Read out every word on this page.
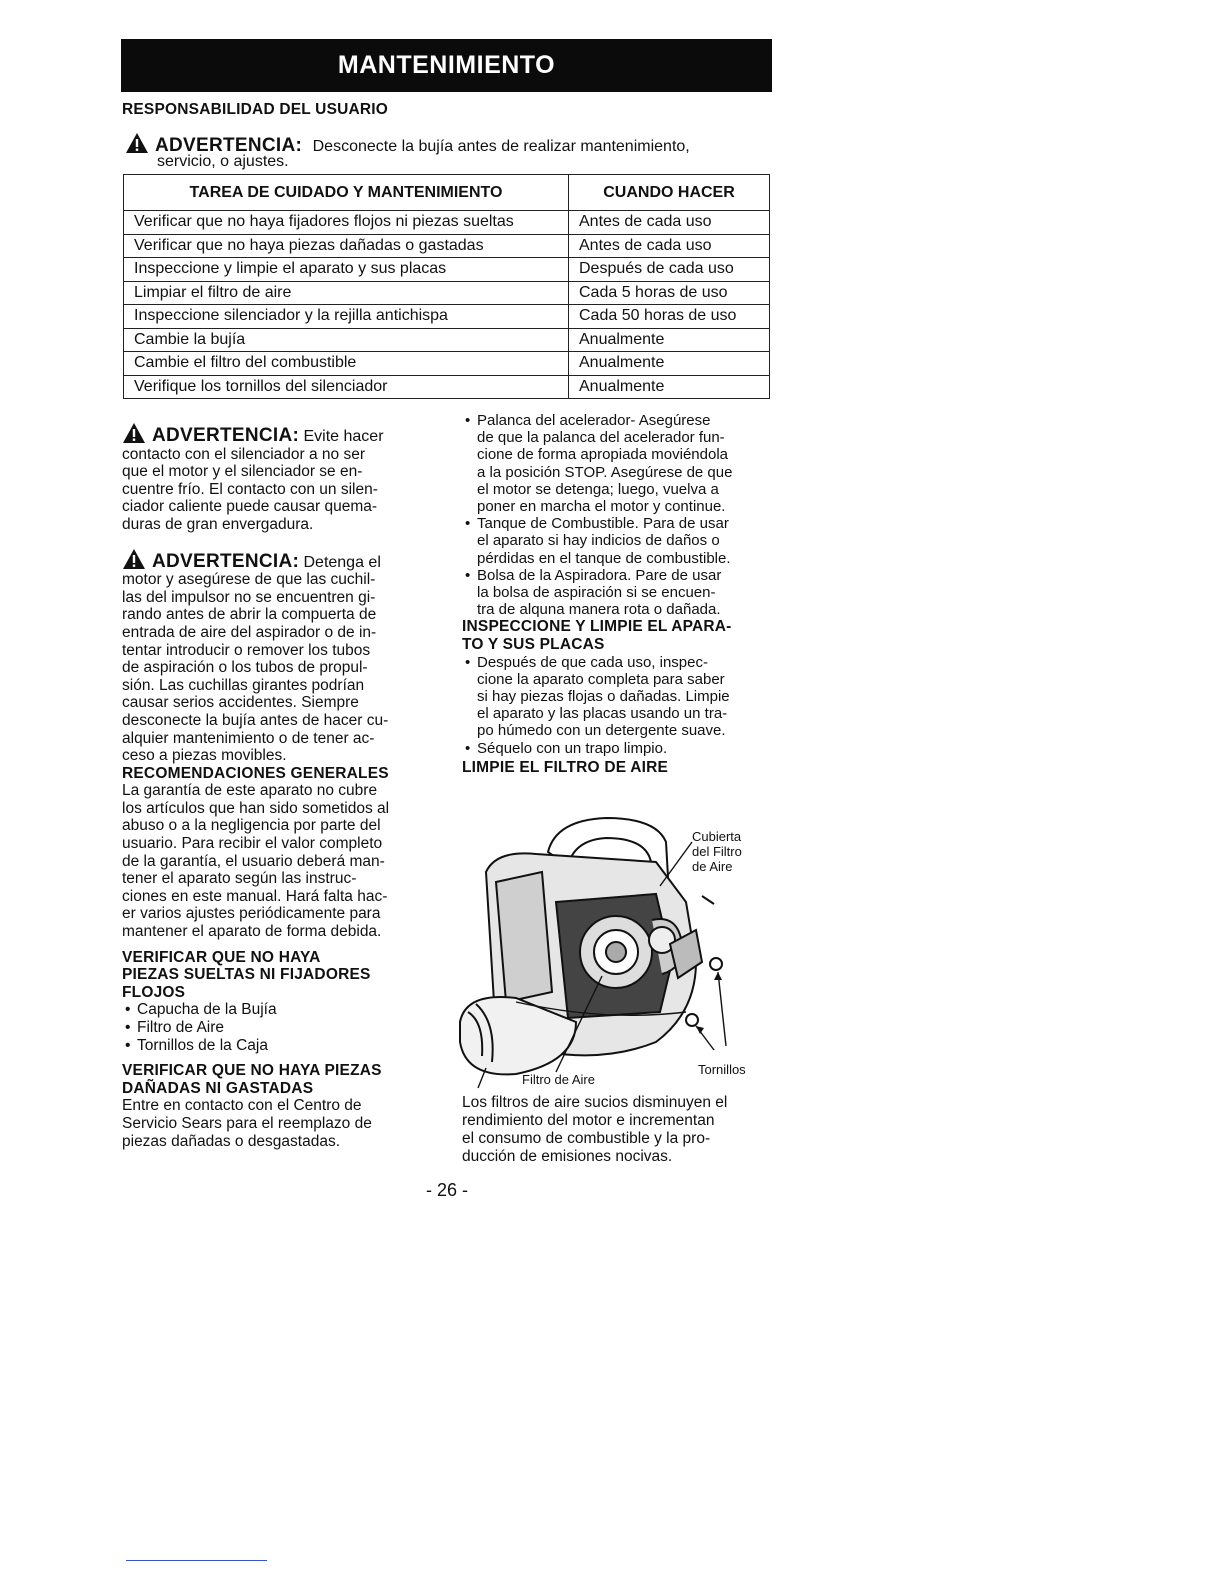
MANTENIMIENTO
RESPONSABILIDAD DEL USUARIO
ADVERTENCIA: Desconecte la bujía antes de realizar mantenimiento,
servicio, o ajustes.
TAREA DE CUIDADO Y MANTENIMIENTO	CUANDO HACER
Verificar que no haya fijadores flojos ni piezas sueltas	Antes de cada uso
Verificar que no haya piezas dañadas o gastadas	Antes de cada uso
Inspeccione y limpie el aparato y sus placas	Después de cada uso
Limpiar el filtro de aire	Cada 5 horas de uso
Inspeccione silenciador y la rejilla antichispa	Cada 50 horas de uso
Cambie la bujía	Anualmente
Cambie el filtro del combustible	Anualmente
Verifique los tornillos del silenciador	Anualmente

ADVERTENCIA: Evite hacer

contacto con el silenciador a no ser

que el motor y el silenciador se en-

cuentre frío. El contacto con un silen-

ciador caliente puede causar quema-

duras de gran envergadura.

ADVERTENCIA: Detenga el

motor y asegúrese de que las cuchil-

las del impulsor no se encuentren gi-

rando antes de abrir la compuerta de

entrada de aire del aspirador o de in-

tentar introducir o remover los tubos

de aspiración o los tubos de propul-

sión. Las cuchillas girantes podrían

causar serios accidentes. Siempre

desconecte la bujía antes de hacer cu-

alquier mantenimiento o de tener ac-

ceso a piezas movibles.

RECOMENDACIONES GENERALES

La garantía de este aparato no cubre

los artículos que han sido sometidos al

abuso o a la negligencia por parte del

usuario. Para recibir el valor completo

de la garantía, el usuario deberá man-

tener el aparato según las instruc-

ciones en este manual. Hará falta hac-

er varios ajustes periódicamente para

mantener el aparato de forma debida.

VERIFICAR QUE NO HAYA

PIEZAS SUELTAS NI FIJADORES

FLOJOS

• Capucha de la Bujía

• Filtro de Aire

• Tornillos de la Caja

VERIFICAR QUE NO HAYA PIEZAS

DAÑADAS NI GASTADAS

Entre en contacto con el Centro de

Servicio Sears para el reemplazo de

piezas dañadas o desgastadas.

• Palanca del acelerador- Asegúrese

de que la palanca del acelerador fun-

cione de forma apropiada moviéndola

a la posición STOP. Asegúrese de que

el motor se detenga; luego, vuelva a

poner en marcha el motor y continue.

• Tanque de Combustible. Para de usar

el aparato si hay indicios de daños o

pérdidas en el tanque de combustible.

• Bolsa de la Aspiradora. Pare de usar

la bolsa de aspiración si se encuen-

tra de alquna manera rota o dañada.

INSPECCIONE Y LIMPIE EL APARA-

TO Y SUS PLACAS

• Después de que cada uso, inspec-

cione la aparato completa para saber

si hay piezas flojas o dañadas. Limpie

el aparato y las placas usando un tra-

po húmedo con un detergente suave.

• Séquelo con un trapo limpio.

LIMPIE EL FILTRO DE AIRE

Cubierta
del Filtro
de Aire
Filtro de Aire
Tornillos

Los filtros de aire sucios disminuyen el

rendimiento del motor e incrementan

el consumo de combustible y la pro-

ducción de emisiones nocivas.

- 26 -
